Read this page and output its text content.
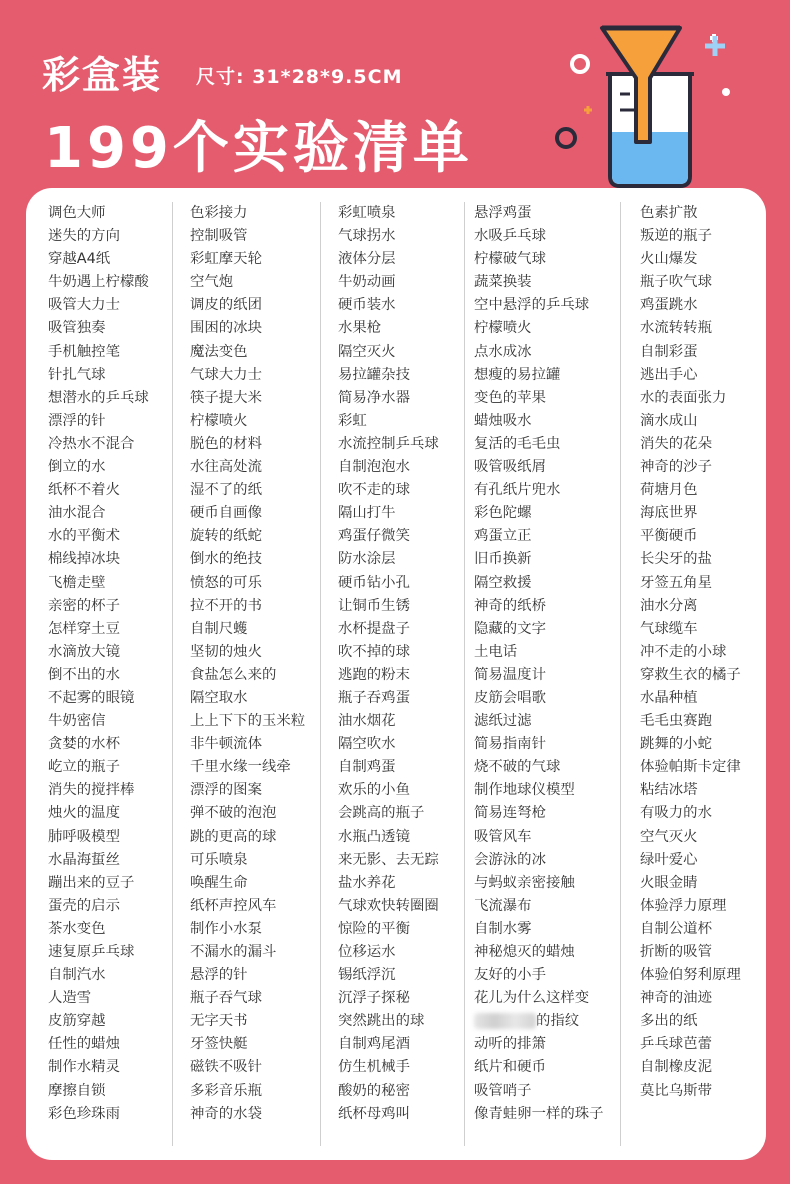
彩盒装 尺寸: 31*28*9.5CM
199个实验清单
调色大师
迷失的方向
穿越A4纸
牛奶遇上柠檬酸
吸管大力士
吸管独奏
手机触控笔
针扎气球
想潜水的乒乓球
漂浮的针
冷热水不混合
倒立的水
纸杯不着火
油水混合
水的平衡术
棉线掉冰块
飞檐走壁
亲密的杯子
怎样穿土豆
水滴放大镜
倒不出的水
不起雾的眼镜
牛奶密信
贪婪的水杯
屹立的瓶子
消失的搅拌棒
烛火的温度
肺呼吸模型
水晶海蜇丝
蹦出来的豆子
蛋壳的启示
茶水变色
速复原乒乓球
自制汽水
人造雪
皮筋穿越
任性的蜡烛
制作水精灵
摩擦自锁
彩色珍珠雨
色彩接力
控制吸管
彩虹摩天轮
空气炮
调皮的纸团
围困的冰块
魔法变色
气球大力士
筷子提大米
柠檬喷火
脱色的材料
水往高处流
湿不了的纸
硬币自画像
旋转的纸蛇
倒水的绝技
愤怒的可乐
拉不开的书
自制尺蠖
坚韧的烛火
食盐怎么来的
隔空取水
上上下下的玉米粒
非牛顿流体
千里水缘一线牵
漂浮的图案
弹不破的泡泡
跳的更高的球
可乐喷泉
唤醒生命
纸杯声控风车
制作小水泵
不漏水的漏斗
悬浮的针
瓶子吞气球
无字天书
牙签快艇
磁铁不吸针
多彩音乐瓶
神奇的水袋
彩虹喷泉
气球拐水
液体分层
牛奶动画
硬币装水
水果枪
隔空灭火
易拉罐杂技
简易净水器
彩虹
水流控制乒乓球
自制泡泡水
吹不走的球
隔山打牛
鸡蛋仔微笑
防水涂层
硬币钻小孔
让铜币生锈
水杯提盘子
吹不掉的球
逃跑的粉末
瓶子吞鸡蛋
油水烟花
隔空吹水
自制鸡蛋
欢乐的小鱼
会跳高的瓶子
水瓶凸透镜
来无影、去无踪
盐水养花
气球欢快转圈圈
惊险的平衡
位移运水
锡纸浮沉
沉浮子探秘
突然跳出的球
自制鸡尾酒
仿生机械手
酸奶的秘密
纸杯母鸡叫
悬浮鸡蛋
水吸乒乓球
柠檬破气球
蔬菜换装
空中悬浮的乒乓球
柠檬喷火
点水成冰
想瘦的易拉罐
变色的苹果
蜡烛吸水
复活的毛毛虫
吸管吸纸屑
有孔纸片兜水
彩色陀螺
鸡蛋立正
旧币换新
隔空救援
神奇的纸桥
隐藏的文字
土电话
简易温度计
皮筋会唱歌
滤纸过滤
简易指南针
烧不破的气球
制作地球仪模型
简易连弩枪
吸管风车
会游泳的冰
与蚂蚁亲密接触
飞流瀑布
自制水雾
神秘熄灭的蜡烛
友好的小手
花儿为什么这样变
的指纹
动听的排箫
纸片和硬币
吸管哨子
像青蛙卵一样的珠子
色素扩散
叛逆的瓶子
火山爆发
瓶子吹气球
鸡蛋跳水
水流转转瓶
自制彩蛋
逃出手心
水的表面张力
滴水成山
消失的花朵
神奇的沙子
荷塘月色
海底世界
平衡硬币
长尖牙的盐
牙签五角星
油水分离
气球缆车
冲不走的小球
穿救生衣的橘子
水晶种植
毛毛虫赛跑
跳舞的小蛇
体验帕斯卡定律
粘结冰塔
有吸力的水
空气灭火
绿叶爱心
火眼金睛
体验浮力原理
自制公道杯
折断的吸管
体验伯努利原理
神奇的油迹
多出的纸
乒乓球芭蕾
自制橡皮泥
莫比乌斯带
